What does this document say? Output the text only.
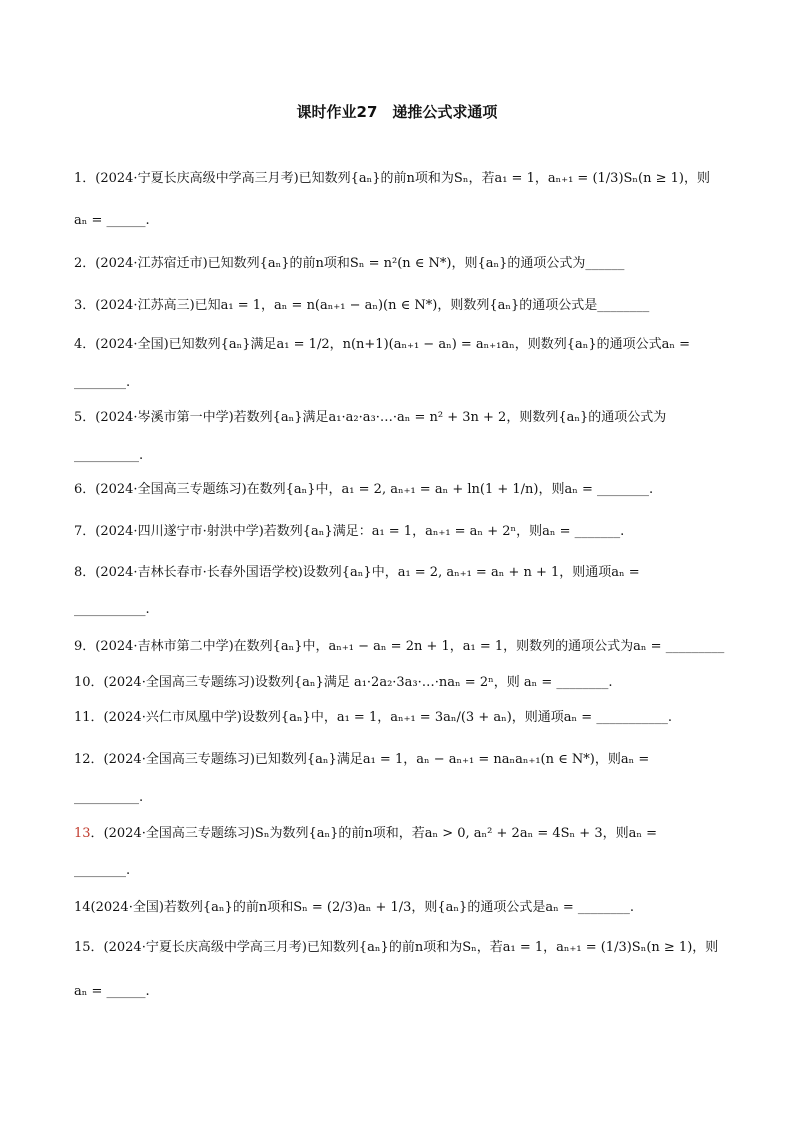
课时作业27　递推公式求通项
1．(2024·宁夏长庆高级中学高三月考)已知数列{aₙ}的前n项和为Sₙ，若a₁ = 1，aₙ₊₁ = (1/3)Sₙ(n ≥ 1)，则
aₙ = ______.
2．(2024·江苏宿迁市)已知数列{aₙ}的前n项和Sₙ = n²(n ∈ N*)，则{aₙ}的通项公式为______
3．(2024·江苏高三)已知a₁ = 1，aₙ = n(aₙ₊₁ − aₙ)(n ∈ N*)，则数列{aₙ}的通项公式是________
4．(2024·全国)已知数列{aₙ}满足a₁ = 1/2，n(n+1)(aₙ₊₁ − aₙ) = aₙ₊₁aₙ，则数列{aₙ}的通项公式aₙ =
________.
5．(2024·岑溪市第一中学)若数列{aₙ}满足a₁·a₂·a₃·…·aₙ = n² + 3n + 2，则数列{aₙ}的通项公式为
__________.
6．(2024·全国高三专题练习)在数列{aₙ}中，a₁ = 2, aₙ₊₁ = aₙ + ln(1 + 1/n)，则aₙ = ________.
7．(2024·四川遂宁市·射洪中学)若数列{aₙ}满足：a₁ = 1，aₙ₊₁ = aₙ + 2ⁿ，则aₙ = _______.
8．(2024·吉林长春市·长春外国语学校)设数列{aₙ}中，a₁ = 2, aₙ₊₁ = aₙ + n + 1，则通项aₙ =
___________.
9．(2024·吉林市第二中学)在数列{aₙ}中，aₙ₊₁ − aₙ = 2n + 1，a₁ = 1，则数列的通项公式为aₙ = _________
10．(2024·全国高三专题练习)设数列{aₙ}满足 a₁·2a₂·3a₃·…·naₙ = 2ⁿ，则 aₙ = ________.
11．(2024·兴仁市凤凰中学)设数列{aₙ}中，a₁ = 1，aₙ₊₁ = 3aₙ/(3 + aₙ)，则通项aₙ = ___________.
12．(2024·全国高三专题练习)已知数列{aₙ}满足a₁ = 1，aₙ − aₙ₊₁ = naₙaₙ₊₁(n ∈ N*)，则aₙ =
__________.
13．(2024·全国高三专题练习)Sₙ为数列{aₙ}的前n项和，若aₙ > 0, aₙ² + 2aₙ = 4Sₙ + 3，则aₙ =
________.
14(2024·全国)若数列{aₙ}的前n项和Sₙ = (2/3)aₙ + 1/3，则{aₙ}的通项公式是aₙ = ________.
15．(2024·宁夏长庆高级中学高三月考)已知数列{aₙ}的前n项和为Sₙ，若a₁ = 1，aₙ₊₁ = (1/3)Sₙ(n ≥ 1)，则
aₙ = ______.
